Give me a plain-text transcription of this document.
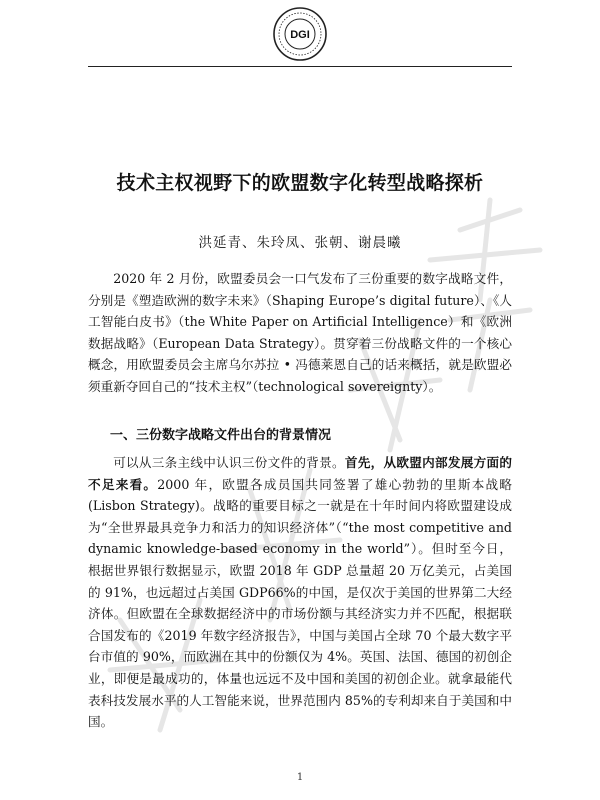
DGI
技术主权视野下的欧盟数字化转型战略探析

洪延青、朱玲凤、张朝、谢晨曦

2020 年 2 月份，欧盟委员会一口气发布了三份重要的数字战略文件，分别是《塑造欧洲的数字未来》（Shaping Europe’s digital future）、《人工智能白皮书》（the White Paper on Artificial Intelligence）和《欧洲数据战略》（European Data Strategy）。贯穿着三份战略文件的一个核心概念，用欧盟委员会主席乌尔苏拉 • 冯德莱恩自己的话来概括，就是欧盟必须重新夺回自己的“技术主权”（technological sovereignty）。

一、三份数字战略文件出台的背景情况

可以从三条主线中认识三份文件的背景。首先，从欧盟内部发展方面的不足来看。2000 年，欧盟各成员国共同签署了雄心勃勃的里斯本战略(Lisbon Strategy)。战略的重要目标之一就是在十年时间内将欧盟建设成为“全世界最具竞争力和活力的知识经济体”（“the most competitive and dynamic knowledge-based economy in the world”）。但时至今日，根据世界银行数据显示，欧盟 2018 年 GDP 总量超 20 万亿美元，占美国的 91%，也远超过占美国 GDP66%的中国，是仅次于美国的世界第二大经济体。但欧盟在全球数据经济中的市场份额与其经济实力并不匹配，根据联合国发布的《2019 年数字经济报告》，中国与美国占全球 70 个最大数字平台市值的 90%，而欧洲在其中的份额仅为 4%。英国、法国、德国的初创企业，即便是最成功的，体量也远远不及中国和美国的初创企业。就拿最能代表科技发展水平的人工智能来说，世界范围内 85%的专利却来自于美国和中国。

1
